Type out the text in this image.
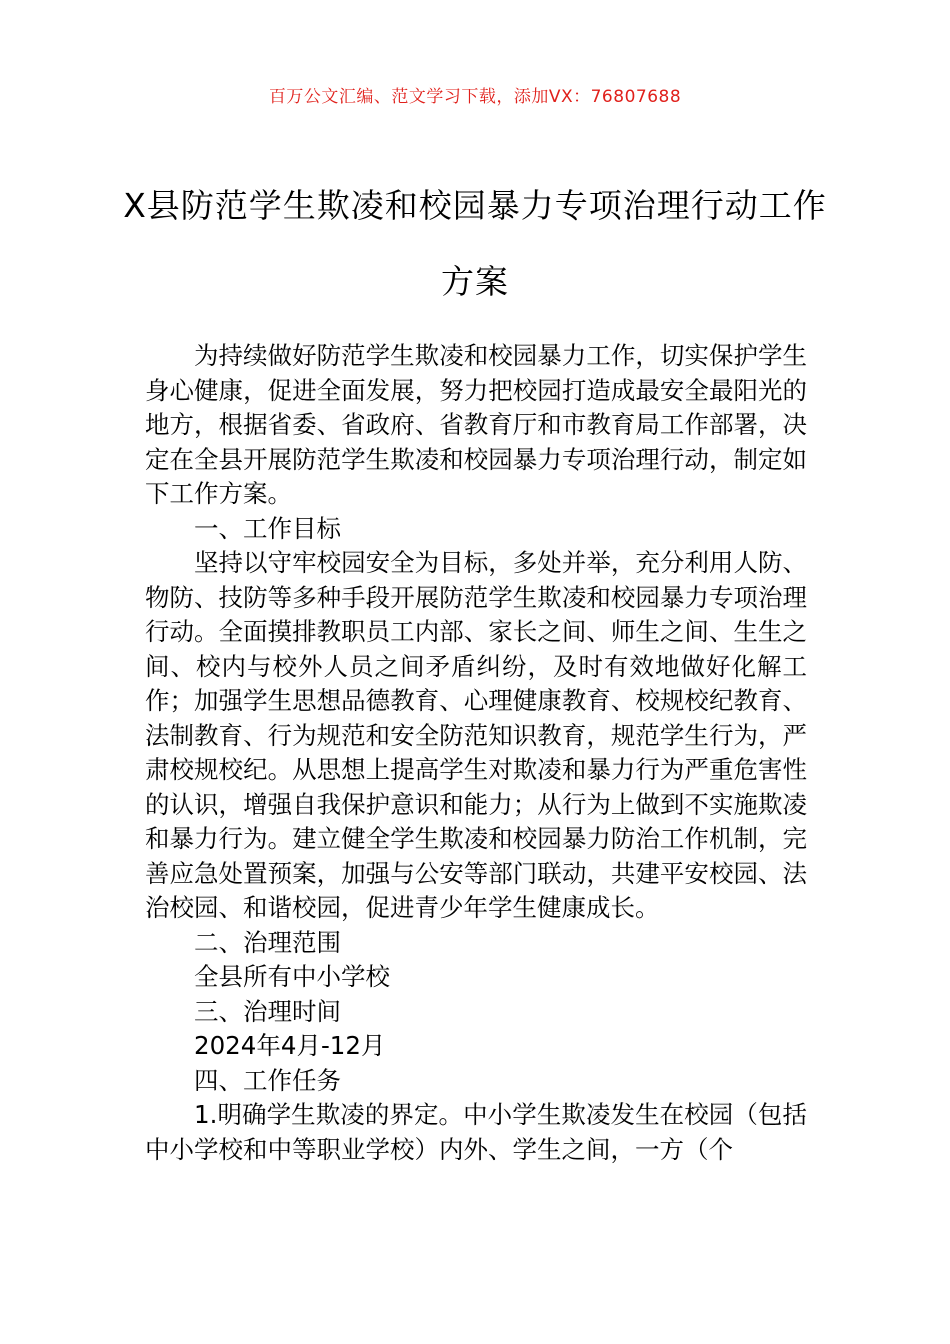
百万公文汇编、范文学习下载，添加VX：76807688
X县防范学生欺凌和校园暴力专项治理行动工作方案

为持续做好防范学生欺凌和校园暴力工作，切实保护学生身心健康，促进全面发展，努力把校园打造成最安全最阳光的地方，根据省委、省政府、省教育厅和市教育局工作部署，决定在全县开展防范学生欺凌和校园暴力专项治理行动，制定如下工作方案。

一、工作目标

坚持以守牢校园安全为目标，多处并举，充分利用人防、物防、技防等多种手段开展防范学生欺凌和校园暴力专项治理行动。全面摸排教职员工内部、家长之间、师生之间、生生之间、校内与校外人员之间矛盾纠纷，及时有效地做好化解工作；加强学生思想品德教育、心理健康教育、校规校纪教育、法制教育、行为规范和安全防范知识教育，规范学生行为，严肃校规校纪。从思想上提高学生对欺凌和暴力行为严重危害性的认识，增强自我保护意识和能力；从行为上做到不实施欺凌和暴力行为。建立健全学生欺凌和校园暴力防治工作机制，完善应急处置预案，加强与公安等部门联动，共建平安校园、法治校园、和谐校园，促进青少年学生健康成长。

二、治理范围

全县所有中小学校

三、治理时间

2024年4月-12月

四、工作任务

1.明确学生欺凌的界定。中小学生欺凌发生在校园（包括中小学校和中等职业学校）内外、学生之间，一方（个
